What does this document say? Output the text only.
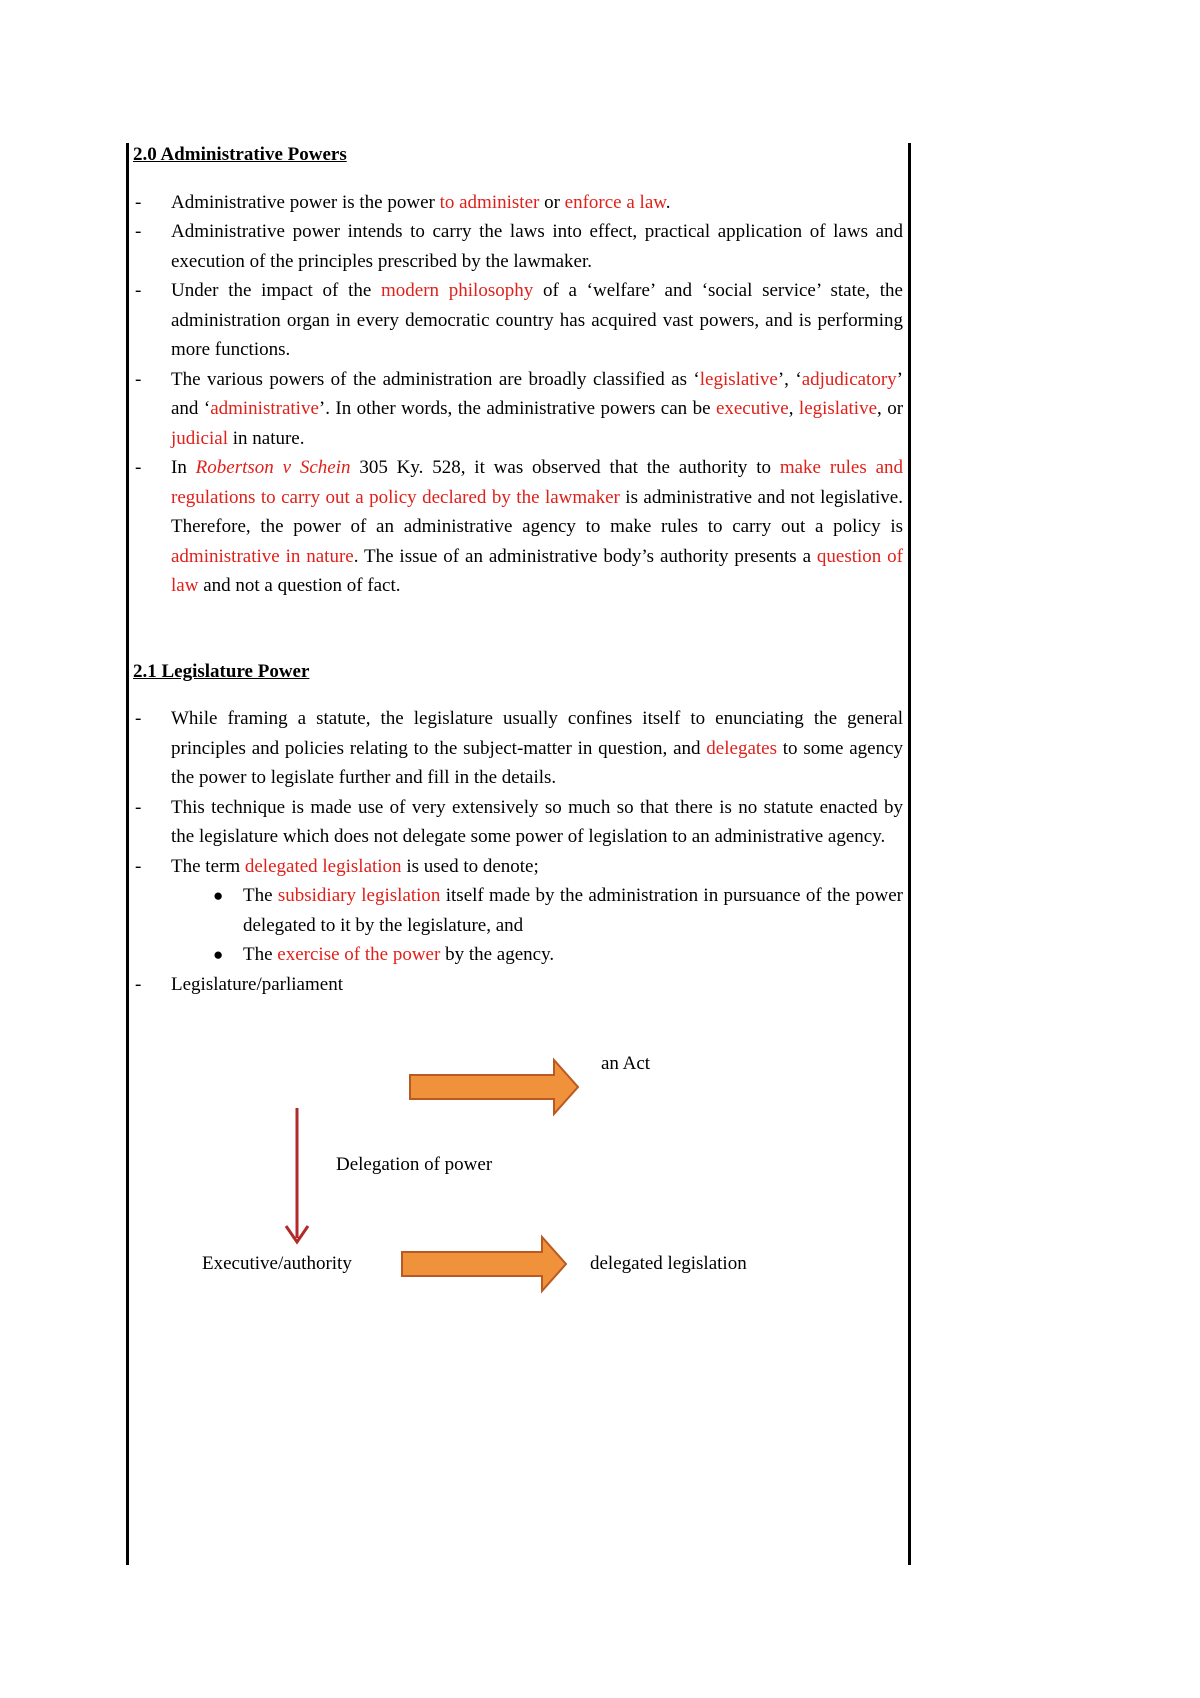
2.0 Administrative Powers

- Administrative power is the power to administer or enforce a law.
- Administrative power intends to carry the laws into effect, practical application of laws and execution of the principles prescribed by the lawmaker.
- Under the impact of the modern philosophy of a ‘welfare’ and ‘social service’ state, the administration organ in every democratic country has acquired vast powers, and is performing more functions.
- The various powers of the administration are broadly classified as ‘legislative’, ‘adjudicatory’ and ‘administrative’. In other words, the administrative powers can be executive, legislative, or judicial in nature.
- In Robertson v Schein 305 Ky. 528, it was observed that the authority to make rules and regulations to carry out a policy declared by the lawmaker is administrative and not legislative. Therefore, the power of an administrative agency to make rules to carry out a policy is administrative in nature. The issue of an administrative body’s authority presents a question of law and not a question of fact.

2.1 Legislature Power

- While framing a statute, the legislature usually confines itself to enunciating the general principles and policies relating to the subject-matter in question, and delegates to some agency the power to legislate further and fill in the details.
- This technique is made use of very extensively so much so that there is no statute enacted by the legislature which does not delegate some power of legislation to an administrative agency.
- The term delegated legislation is used to denote;
● The subsidiary legislation itself made by the administration in pursuance of the power delegated to it by the legislature, and
● The exercise of the power by the agency.
- Legislature/parliament
an Act
Delegation of power
Executive/authority	delegated legislation
